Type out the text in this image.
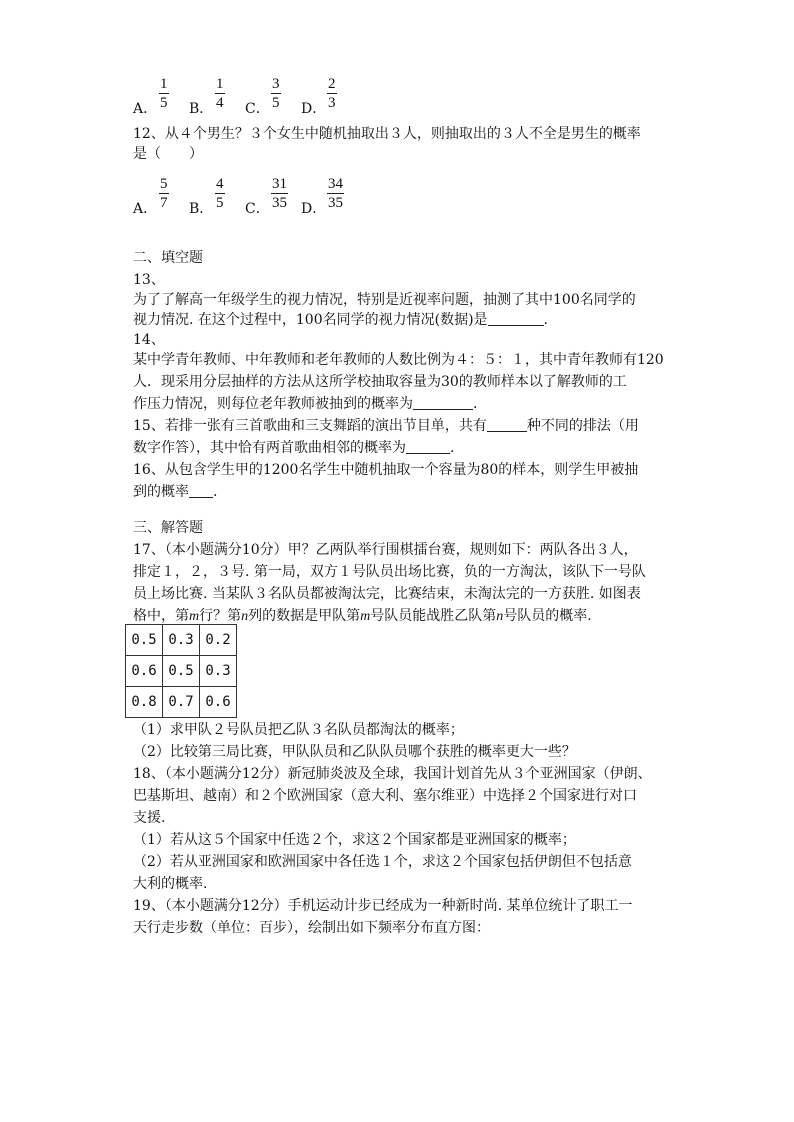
A．
1
5 B．
1
4 C．
3
5 D．
2
3
12、从４个男生？３个女生中随机抽取出３人，则抽取出的３人不全是男生的概率
是（　　）
A．
5
7 B．
4
5 C．
31
35 D．
34
35
二、填空题
13、
为了了解高一年级学生的视力情况，特别是近视率问题，抽测了其中100名同学的
视力情况. 在这个过程中，100名同学的视力情况(数据)是	.
14、
某中学青年教师、中年教师和老年教师的人数比例为４：５：１，其中青年教师有120
人．现采用分层抽样的方法从这所学校抽取容量为30的教师样本以了解教师的工
作压力情况，则每位老年教师被抽到的概率为	．
15、若排一张有三首歌曲和三支舞蹈的演出节目单，共有	种不同的排法（用
数字作答），其中恰有两首歌曲相邻的概率为	.
16、从包含学生甲的1200名学生中随机抽取一个容量为80的样本，则学生甲被抽
到的概率 .
三、解答题
17、（本小题满分10分）甲？乙两队举行围棋擂台赛，规则如下：两队各出３人，
排定１，２，３号. 第一局，双方１号队员出场比赛，负的一方淘汰，该队下一号队
员上场比赛. 当某队３名队员都被淘汰完，比赛结束，未淘汰完的一方获胜. 如图表
格中，第m行？第n列的数据是甲队第m号队员能战胜乙队第n号队员的概率.
0.5	0.3	0.2
0.6	0.5	0.3
0.8	0.7	0.6
（1）求甲队２号队员把乙队３名队员都淘汰的概率；
（2）比较第三局比赛，甲队队员和乙队队员哪个获胜的概率更大一些？
18、（本小题满分12分）新冠肺炎波及全球，我国计划首先从３个亚洲国家（伊朗、
巴基斯坦、越南）和２个欧洲国家（意大利、塞尔维亚）中选择２个国家进行对口
支援.
（1）若从这５个国家中任选２个，求这２个国家都是亚洲国家的概率；
（2）若从亚洲国家和欧洲国家中各任选１个，求这２个国家包括伊朗但不包括意
大利的概率.
19、（本小题满分12分）手机运动计步已经成为一种新时尚. 某单位统计了职工一
天行走步数（单位：百步），绘制出如下频率分布直方图：
